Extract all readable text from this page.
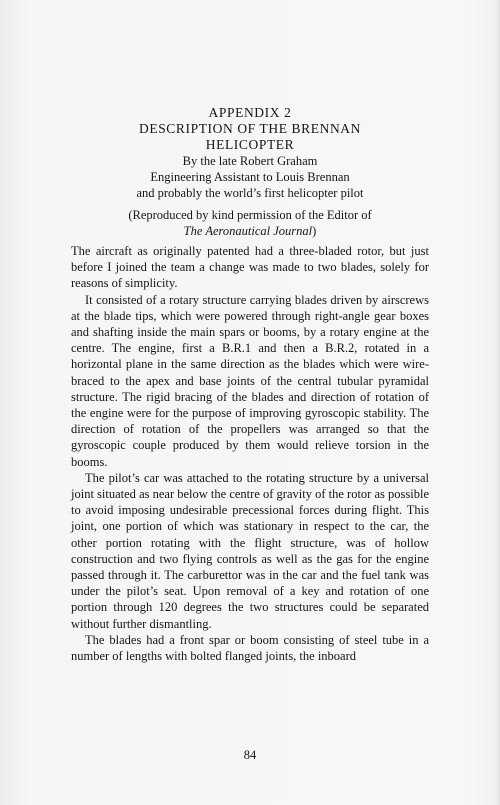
APPENDIX 2
DESCRIPTION OF THE BRENNAN
HELICOPTER
By the late Robert Graham
Engineering Assistant to Louis Brennan
and probably the world’s first helicopter pilot
(Reproduced by kind permission of the Editor of
The Aeronautical Journal)

The aircraft as originally patented had a three-bladed rotor, but just before I joined the team a change was made to two blades, solely for reasons of simplicity.

It consisted of a rotary structure carrying blades driven by airscrews at the blade tips, which were powered through right-angle gear boxes and shafting inside the main spars or booms, by a rotary engine at the centre. The engine, first a B.R.1 and then a B.R.2, rotated in a horizontal plane in the same direction as the blades which were wire-braced to the apex and base joints of the central tubular pyramidal structure. The rigid bracing of the blades and direction of rotation of the engine were for the purpose of improving gyroscopic stability. The direction of rotation of the propellers was arranged so that the gyroscopic couple produced by them would relieve torsion in the booms.

The pilot’s car was attached to the rotating structure by a universal joint situated as near below the centre of gravity of the rotor as possible to avoid imposing undesirable precessional forces during flight. This joint, one portion of which was stationary in respect to the car, the other portion rotating with the flight structure, was of hollow construction and two flying controls as well as the gas for the engine passed through it. The carburettor was in the car and the fuel tank was under the pilot’s seat. Upon removal of a key and rotation of one portion through 120 degrees the two structures could be separated without further dismantling.

The blades had a front spar or boom consisting of steel tube in a number of lengths with bolted flanged joints, the inboard

84
